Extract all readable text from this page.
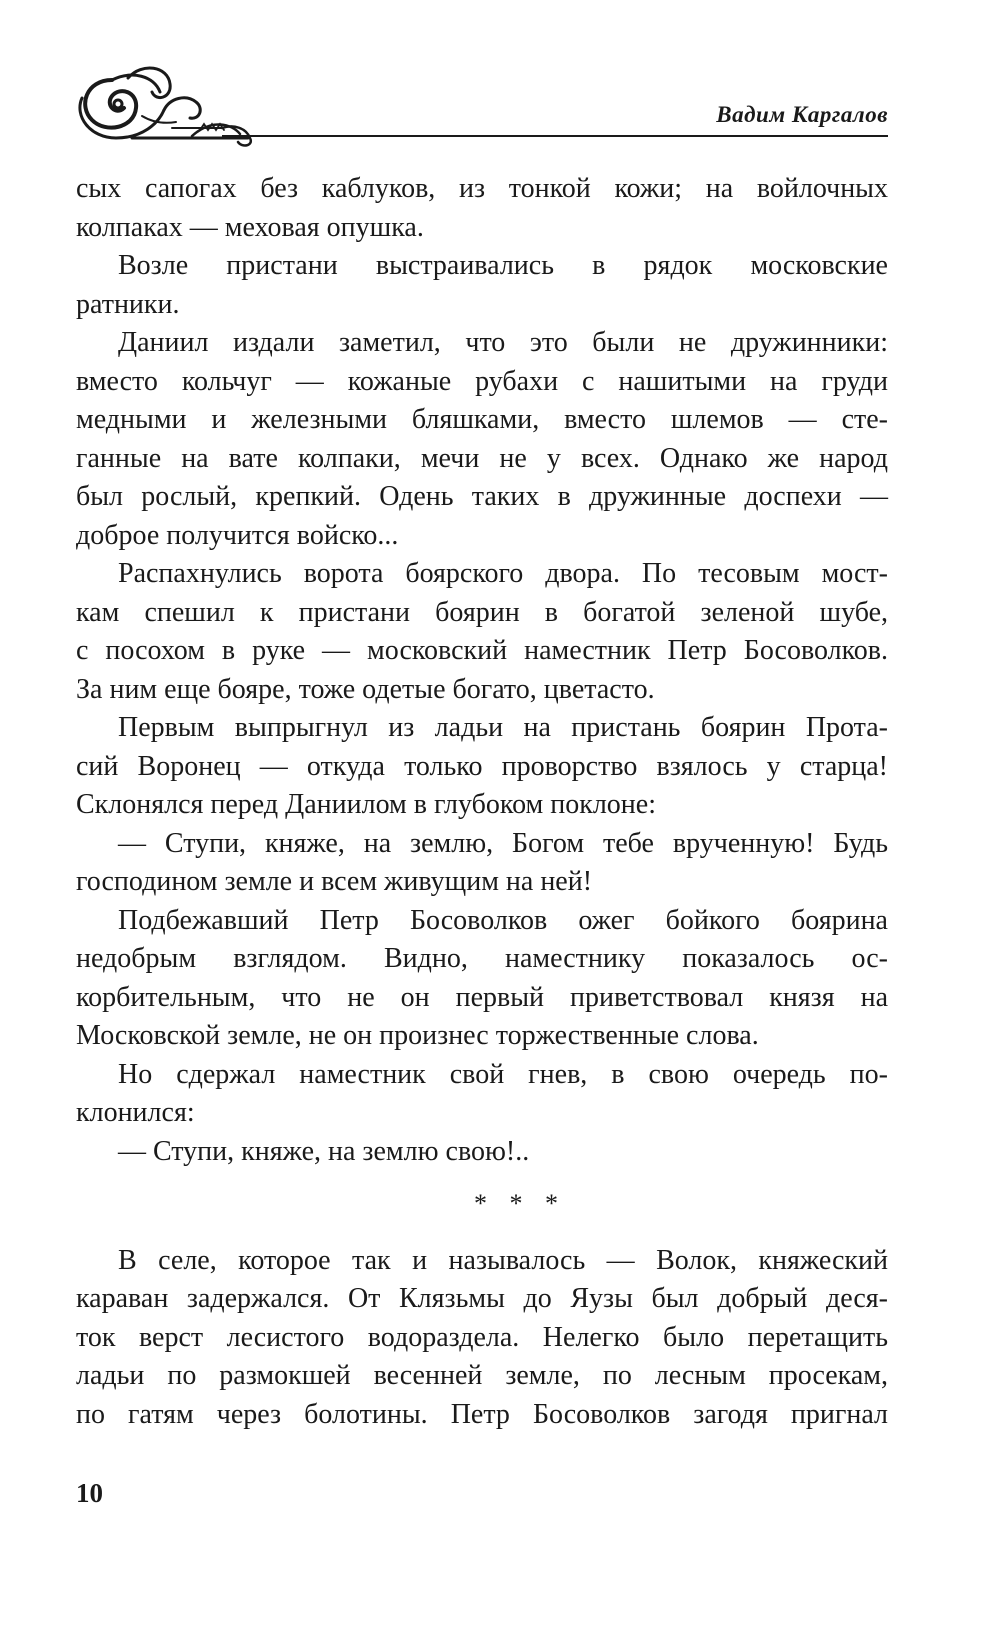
Вадим Каргалов
сых сапогах без каблуков, из тонкой кожи; на войлочных
колпаках — меховая опушка.
Возле пристани выстраивались в рядок московские
ратники.
Даниил издали заметил, что это были не дружинники:
вместо кольчуг — кожаные рубахи с нашитыми на груди
медными и железными бляшками, вместо шлемов — сте-
ганные на вате колпаки, мечи не у всех. Однако же народ
был рослый, крепкий. Одень таких в дружинные доспехи —
доброе получится войско...
Распахнулись ворота боярского двора. По тесовым мост-
кам спешил к пристани боярин в богатой зеленой шубе,
с посохом в руке — московский наместник Петр Босоволков.
За ним еще бояре, тоже одетые богато, цветасто.
Первым выпрыгнул из ладьи на пристань боярин Прота-
сий Воронец — откуда только проворство взялось у старца!
Склонялся перед Даниилом в глубоком поклоне:
— Ступи, княже, на землю, Богом тебе врученную! Будь
господином земле и всем живущим на ней!
Подбежавший Петр Босоволков ожег бойкого боярина
недобрым взглядом. Видно, наместнику показалось ос-
корбительным, что не он первый приветствовал князя на
Московской земле, не он произнес торжественные слова.
Но сдержал наместник свой гнев, в свою очередь по-
клонился:
— Ступи, княже, на землю свою!..
* * *
В селе, которое так и называлось — Волок, княжеский
караван задержался. От Клязьмы до Яузы был добрый деся-
ток верст лесистого водораздела. Нелегко было перетащить
ладьи по размокшей весенней земле, по лесным просекам,
по гатям через болотины. Петр Босоволков загодя пригнал
10
